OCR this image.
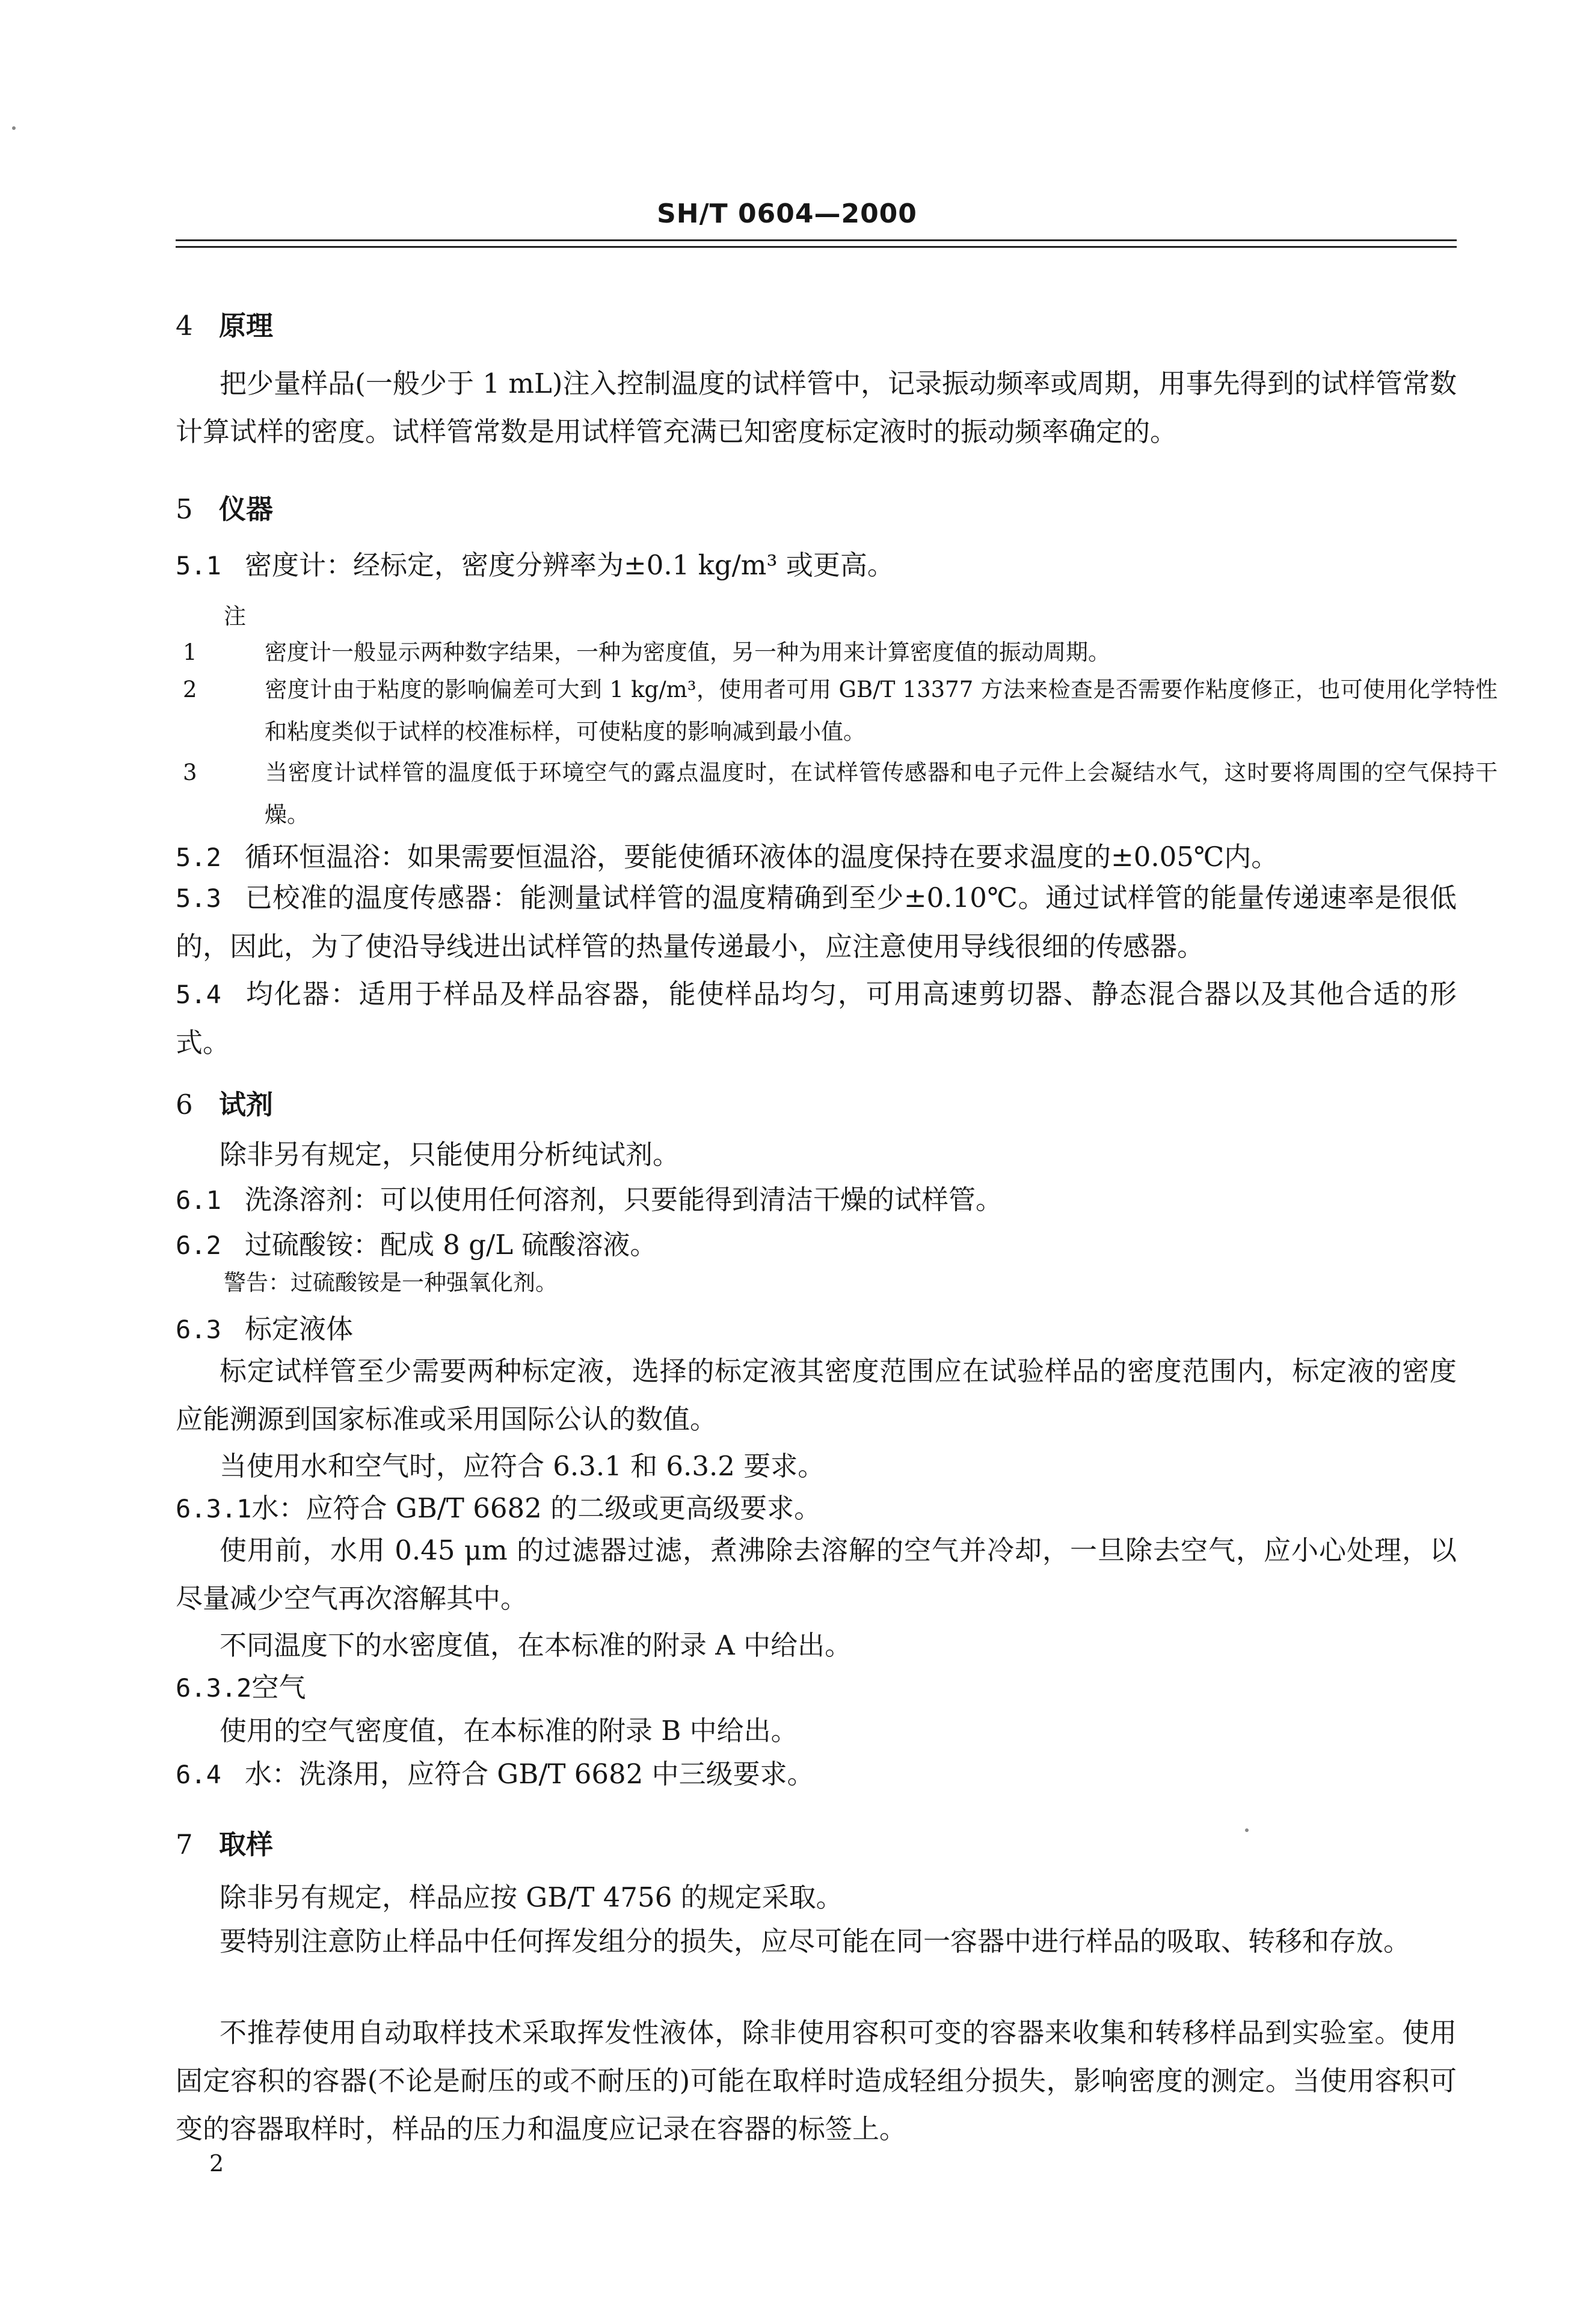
SH/T 0604—2000
4 原理
把少量样品(一般少于 1 mL)注入控制温度的试样管中，记录振动频率或周期，用事先得到的试样管常数计算试样的密度。试样管常数是用试样管充满已知密度标定液时的振动频率确定的。
5 仪器
5.1 密度计：经标定，密度分辨率为±0.1 kg/m³ 或更高。
注
1	密度计一般显示两种数字结果，一种为密度值，另一种为用来计算密度值的振动周期。
2	密度计由于粘度的影响偏差可大到 1 kg/m³，使用者可用 GB/T 13377 方法来检查是否需要作粘度修正，也可使用化学特性和粘度类似于试样的校准标样，可使粘度的影响减到最小值。
3	当密度计试样管的温度低于环境空气的露点温度时，在试样管传感器和电子元件上会凝结水气，这时要将周围的空气保持干燥。
5.2 循环恒温浴：如果需要恒温浴，要能使循环液体的温度保持在要求温度的±0.05℃内。
5.3 已校准的温度传感器：能测量试样管的温度精确到至少±0.10℃。通过试样管的能量传递速率是很低的，因此，为了使沿导线进出试样管的热量传递最小，应注意使用导线很细的传感器。
5.4 均化器：适用于样品及样品容器，能使样品均匀，可用高速剪切器、静态混合器以及其他合适的形式。
6 试剂
除非另有规定，只能使用分析纯试剂。
6.1 洗涤溶剂：可以使用任何溶剂，只要能得到清洁干燥的试样管。
6.2 过硫酸铵：配成 8 g/L 硫酸溶液。
警告：过硫酸铵是一种强氧化剂。
6.3 标定液体
标定试样管至少需要两种标定液，选择的标定液其密度范围应在试验样品的密度范围内，标定液的密度应能溯源到国家标准或采用国际公认的数值。
当使用水和空气时，应符合 6.3.1 和 6.3.2 要求。
6.3.1水：应符合 GB/T 6682 的二级或更高级要求。
使用前，水用 0.45 μm 的过滤器过滤，煮沸除去溶解的空气并冷却，一旦除去空气，应小心处理，以尽量减少空气再次溶解其中。
不同温度下的水密度值，在本标准的附录 A 中给出。
6.3.2空气
使用的空气密度值，在本标准的附录 B 中给出。
6.4 水：洗涤用，应符合 GB/T 6682 中三级要求。
7 取样
除非另有规定，样品应按 GB/T 4756 的规定采取。
要特别注意防止样品中任何挥发组分的损失，应尽可能在同一容器中进行样品的吸取、转移和存放。
不推荐使用自动取样技术采取挥发性液体，除非使用容积可变的容器来收集和转移样品到实验室。使用固定容积的容器(不论是耐压的或不耐压的)可能在取样时造成轻组分损失，影响密度的测定。当使用容积可变的容器取样时，样品的压力和温度应记录在容器的标签上。
2
